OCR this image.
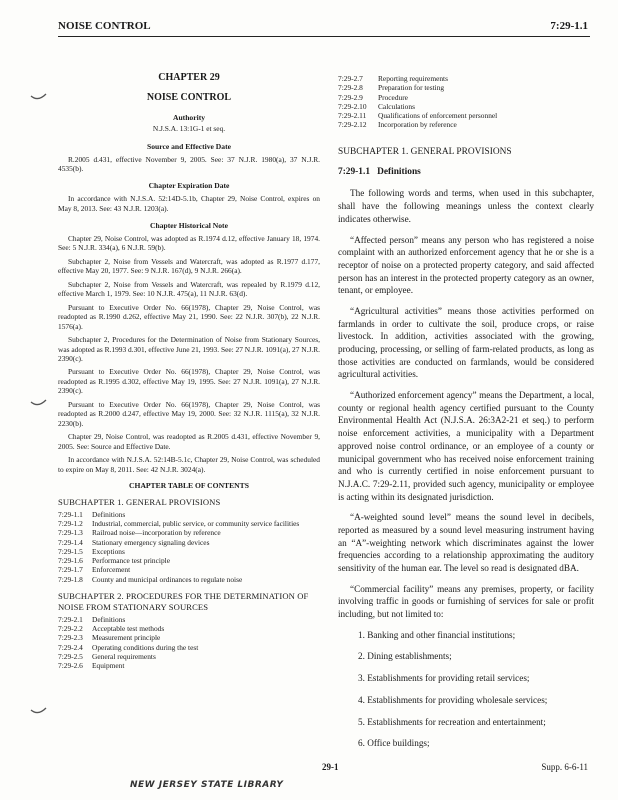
NOISE CONTROL	7:29-1.1

CHAPTER 29

NOISE CONTROL

Authority
N.J.S.A. 13:1G-1 et seq.
Source and Effective Date

R.2005 d.431, effective November 9, 2005. See: 37 N.J.R. 1980(a), 37 N.J.R. 4535(b).

Chapter Expiration Date

In accordance with N.J.S.A. 52:14D-5.1b, Chapter 29, Noise Control, expires on May 8, 2013. See: 43 N.J.R. 1203(a).

Chapter Historical Note

Chapter 29, Noise Control, was adopted as R.1974 d.12, effective January 18, 1974. See: 5 N.J.R. 334(a), 6 N.J.R. 59(b).

Subchapter 2, Noise from Vessels and Watercraft, was adopted as R.1977 d.177, effective May 20, 1977. See: 9 N.J.R. 167(d), 9 N.J.R. 266(a).

Subchapter 2, Noise from Vessels and Watercraft, was repealed by R.1979 d.12, effective March 1, 1979. See: 10 N.J.R. 475(a), 11 N.J.R. 63(d).

Pursuant to Executive Order No. 66(1978), Chapter 29, Noise Control, was readopted as R.1990 d.262, effective May 21, 1990. See: 22 N.J.R. 307(b), 22 N.J.R. 1576(a).

Subchapter 2, Procedures for the Determination of Noise from Stationary Sources, was adopted as R.1993 d.301, effective June 21, 1993. See: 27 N.J.R. 1091(a), 27 N.J.R. 2390(c).

Pursuant to Executive Order No. 66(1978), Chapter 29, Noise Control, was readopted as R.1995 d.302, effective May 19, 1995. See: 27 N.J.R. 1091(a), 27 N.J.R. 2390(c).

Pursuant to Executive Order No. 66(1978), Chapter 29, Noise Control, was readopted as R.2000 d.247, effective May 19, 2000. See: 32 N.J.R. 1115(a), 32 N.J.R. 2230(b).

Chapter 29, Noise Control, was readopted as R.2005 d.431, effective November 9, 2005. See: Source and Effective Date.

In accordance with N.J.S.A. 52:14B-5.1c, Chapter 29, Noise Control, was scheduled to expire on May 8, 2011. See: 42 N.J.R. 3024(a).

CHAPTER TABLE OF CONTENTS
SUBCHAPTER 1. GENERAL PROVISIONS
7:29-1.1	Definitions
7:29-1.2	Industrial, commercial, public service, or community service facilities
7:29-1.3	Railroad noise—incorporation by reference
7:29-1.4	Stationary emergency signaling devices
7:29-1.5	Exceptions
7:29-1.6	Performance test principle
7:29-1.7	Enforcement
7:29-1.8	County and municipal ordinances to regulate noise
SUBCHAPTER 2. PROCEDURES FOR THE DETERMINATION OF NOISE FROM STATIONARY SOURCES
7:29-2.1	Definitions
7:29-2.2	Acceptable test methods
7:29-2.3	Measurement principle
7:29-2.4	Operating conditions during the test
7:29-2.5	General requirements
7:29-2.6	Equipment
7:29-2.7	Reporting requirements
7:29-2.8	Preparation for testing
7:29-2.9	Procedure
7:29-2.10	Calculations
7:29-2.11	Qualifications of enforcement personnel
7:29-2.12	Incorporation by reference
SUBCHAPTER 1. GENERAL PROVISIONS
7:29-1.1 Definitions

The following words and terms, when used in this subchapter, shall have the following meanings unless the context clearly indicates otherwise.

“Affected person” means any person who has registered a noise complaint with an authorized enforcement agency that he or she is a receptor of noise on a protected property category, and said affected person has an interest in the protected property category as an owner, tenant, or employee.

“Agricultural activities” means those activities performed on farmlands in order to cultivate the soil, produce crops, or raise livestock. In addition, activities associated with the growing, producing, processing, or selling of farm-related products, as long as those activities are conducted on farmlands, would be considered agricultural activities.

“Authorized enforcement agency” means the Department, a local, county or regional health agency certified pursuant to the County Environmental Health Act (N.J.S.A. 26:3A2-21 et seq.) to perform noise enforcement activities, a municipality with a Department approved noise control ordinance, or an employee of a county or municipal government who has received noise enforcement training and who is currently certified in noise enforcement pursuant to N.J.A.C. 7:29-2.11, provided such agency, municipality or employee is acting within its designated jurisdiction.

“A-weighted sound level” means the sound level in decibels, reported as measured by a sound level measuring instrument having an “A”-weighting network which discriminates against the lower frequencies according to a relationship approximating the auditory sensitivity of the human ear. The level so read is designated dBA.

“Commercial facility” means any premises, property, or facility involving traffic in goods or furnishing of services for sale or profit including, but not limited to:

1. Banking and other financial institutions;
2. Dining establishments;
3. Establishments for providing retail services;
4. Establishments for providing wholesale services;
5. Establishments for recreation and entertainment;
6. Office buildings;
29-1	Supp. 6-6-11
NEW JERSEY STATE LIBRARY
